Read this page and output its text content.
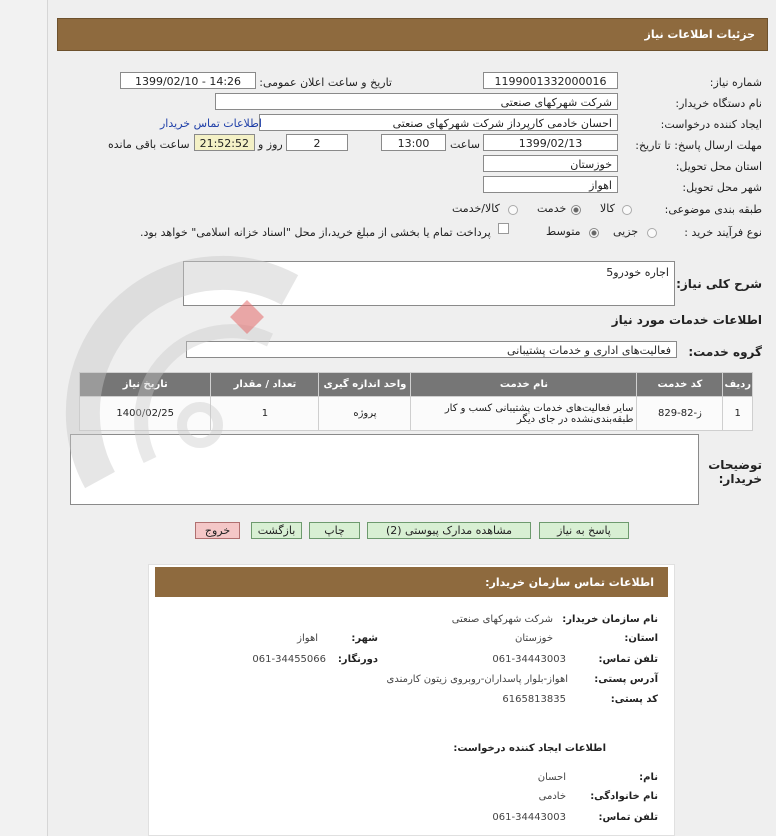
جزئیات اطلاعات نیاز
شماره نیاز:
1199001332000016
تاریخ و ساعت اعلان عمومی:
1399/02/10 - 14:26
نام دستگاه خریدار:
شرکت شهرکهای صنعتی
ایجاد کننده درخواست:
احسان خادمی کارپرداز شرکت شهرکهای صنعتی
اطلاعات تماس خریدار
مهلت ارسال پاسخ: تا تاریخ:
1399/02/13
ساعت
13:00
2
روز و
21:52:52
ساعت باقی مانده
استان محل تحویل:
خوزستان
شهر محل تحویل:
اهواز
طبقه بندی موضوعی:
کالا
خدمت
کالا/خدمت
نوع فرآیند خرید :
جزیی
متوسط
پرداخت تمام یا بخشی از مبلغ خرید،از محل "اسناد خزانه اسلامی" خواهد بود.
شرح کلی نیاز:
اجاره خودرو5
اطلاعات خدمات مورد نیاز
گروه خدمت:
فعالیت‌های اداری و خدمات پشتیبانی
ردیف	کد خدمت	نام خدمت	واحد اندازه گیری	تعداد / مقدار	تاریخ نیاز
1	ز-82-829	سایر فعالیت‌های خدمات پشتیبانی کسب و کار طبقه‌بندی‌نشده در جای دیگر	پروژه	1	1400/02/25
توضیحات خریدار:
پاسخ به نیاز
مشاهده مدارک پیوستی (2)
چاپ
بازگشت
خروج
اطلاعات تماس سازمان خریدار:
نام سازمان خریدار:
شرکت شهرکهای صنعتی
استان:
خوزستان
شهر:
اهواز
تلفن تماس:
061-34443003
دورنگار:
061-34455066
آدرس پستی:
اهواز-بلوار پاسداران-روبروی زیتون کارمندی
کد پستی:
6165813835
اطلاعات ایجاد کننده درخواست:
نام:
احسان
نام خانوادگی:
خادمی
تلفن تماس:
061-34443003
